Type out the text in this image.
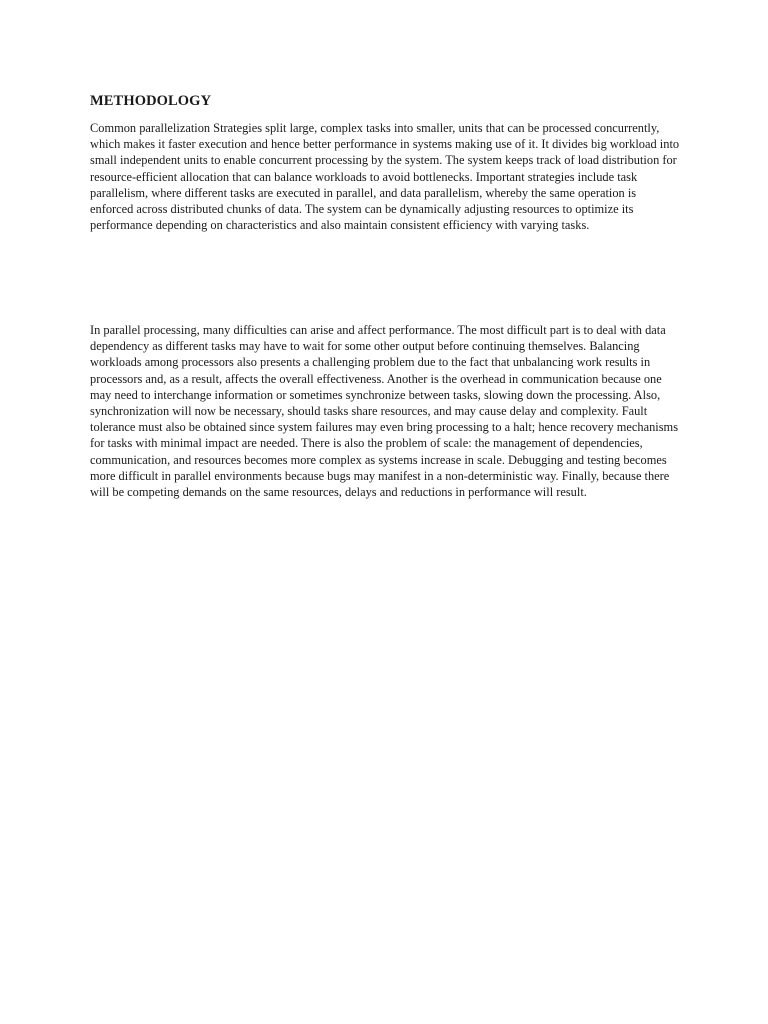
METHODOLOGY

Common parallelization Strategies split large, complex tasks into smaller, units that can be processed concurrently, which makes it faster execution and hence better performance in systems making use of it. It divides big workload into small independent units to enable concurrent processing by the system. The system keeps track of load distribution for resource-efficient allocation that can balance workloads to avoid bottlenecks. Important strategies include task parallelism, where different tasks are executed in parallel, and data parallelism, whereby the same operation is enforced across distributed chunks of data. The system can be dynamically adjusting resources to optimize its performance depending on characteristics and also maintain consistent efficiency with varying tasks.

In parallel processing, many difficulties can arise and affect performance. The most difficult part is to deal with data dependency as different tasks may have to wait for some other output before continuing themselves. Balancing workloads among processors also presents a challenging problem due to the fact that unbalancing work results in processors and, as a result, affects the overall effectiveness. Another is the overhead in communication because one may need to interchange information or sometimes synchronize between tasks, slowing down the processing. Also, synchronization will now be necessary, should tasks share resources, and may cause delay and complexity. Fault tolerance must also be obtained since system failures may even bring processing to a halt; hence recovery mechanisms for tasks with minimal impact are needed. There is also the problem of scale: the management of dependencies, communication, and resources becomes more complex as systems increase in scale. Debugging and testing becomes more difficult in parallel environments because bugs may manifest in a non-deterministic way. Finally, because there will be competing demands on the same resources, delays and reductions in performance will result.
